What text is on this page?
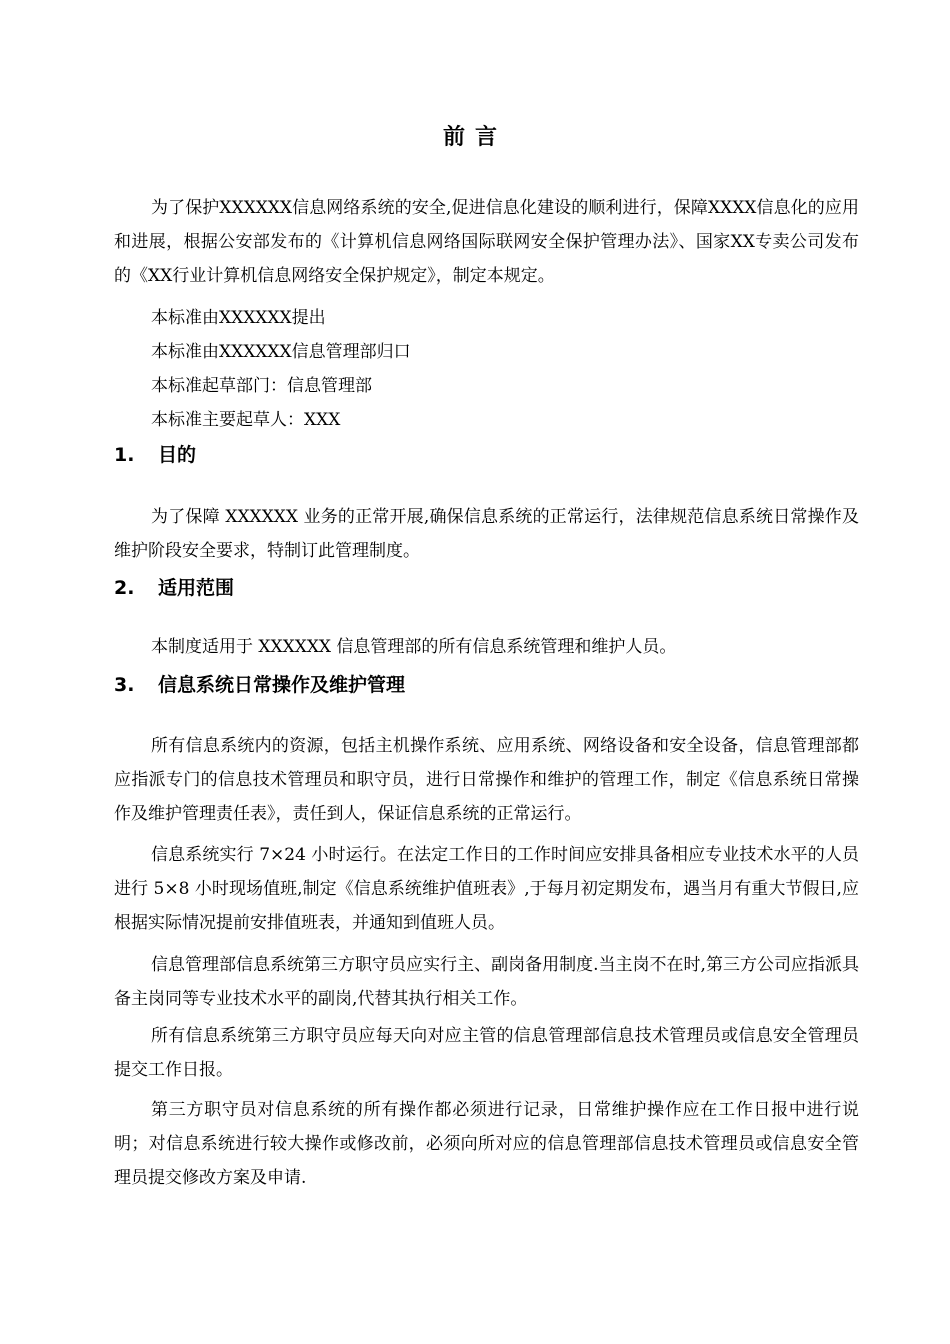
前言

为了保护XXXXXX信息网络系统的安全,促进信息化建设的顺利进行，保障XXXX信息化的应用和进展，根据公安部发布的《计算机信息网络国际联网安全保护管理办法》、国家XX专卖公司发布的《XX行业计算机信息网络安全保护规定》，制定本规定。

本标准由XXXXXX提出
本标准由XXXXXX信息管理部归口
本标准起草部门：信息管理部
本标准主要起草人：XXX
1. 目的

为了保障 XXXXXX 业务的正常开展,确保信息系统的正常运行，法律规范信息系统日常操作及维护阶段安全要求，特制订此管理制度。

2. 适用范围

本制度适用于 XXXXXX 信息管理部的所有信息系统管理和维护人员。

3. 信息系统日常操作及维护管理

所有信息系统内的资源，包括主机操作系统、应用系统、网络设备和安全设备，信息管理部都应指派专门的信息技术管理员和职守员，进行日常操作和维护的管理工作，制定《信息系统日常操作及维护管理责任表》，责任到人，保证信息系统的正常运行。

信息系统实行 7×24 小时运行。在法定工作日的工作时间应安排具备相应专业技术水平的人员进行 5×8 小时现场值班,制定《信息系统维护值班表》,于每月初定期发布，遇当月有重大节假日,应根据实际情况提前安排值班表，并通知到值班人员。

信息管理部信息系统第三方职守员应实行主、副岗备用制度.当主岗不在时,第三方公司应指派具备主岗同等专业技术水平的副岗,代替其执行相关工作。

所有信息系统第三方职守员应每天向对应主管的信息管理部信息技术管理员或信息安全管理员提交工作日报。

第三方职守员对信息系统的所有操作都必须进行记录，日常维护操作应在工作日报中进行说明；对信息系统进行较大操作或修改前，必须向所对应的信息管理部信息技术管理员或信息安全管理员提交修改方案及申请.
